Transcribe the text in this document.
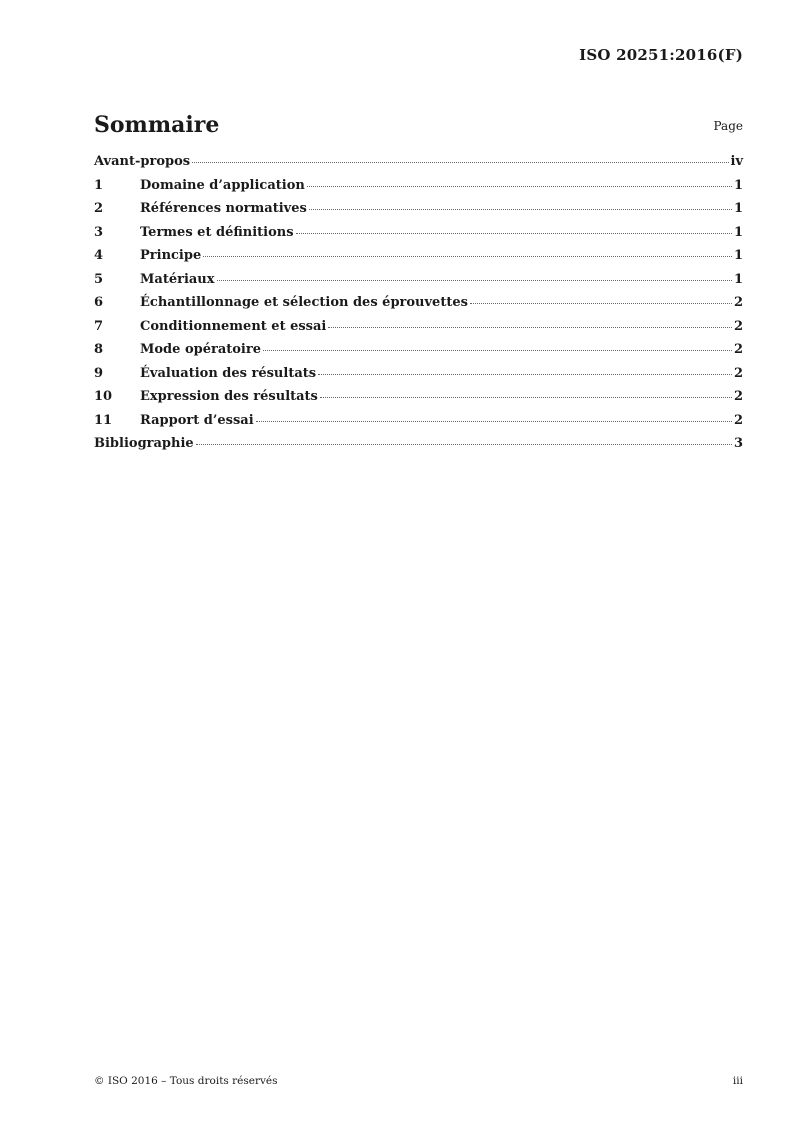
ISO 20251:2016(F)
Sommaire	Page
Avant-propos	iv
1	Domaine d’application	1
2	Références normatives	1
3	Termes et définitions	1
4	Principe	1
5	Matériaux	1
6	Échantillonnage et sélection des éprouvettes	2
7	Conditionnement et essai	2
8	Mode opératoire	2
9	Évaluation des résultats	2
10	Expression des résultats	2
11	Rapport d’essai	2
Bibliographie	3
© ISO 2016 – Tous droits réservés	iii
